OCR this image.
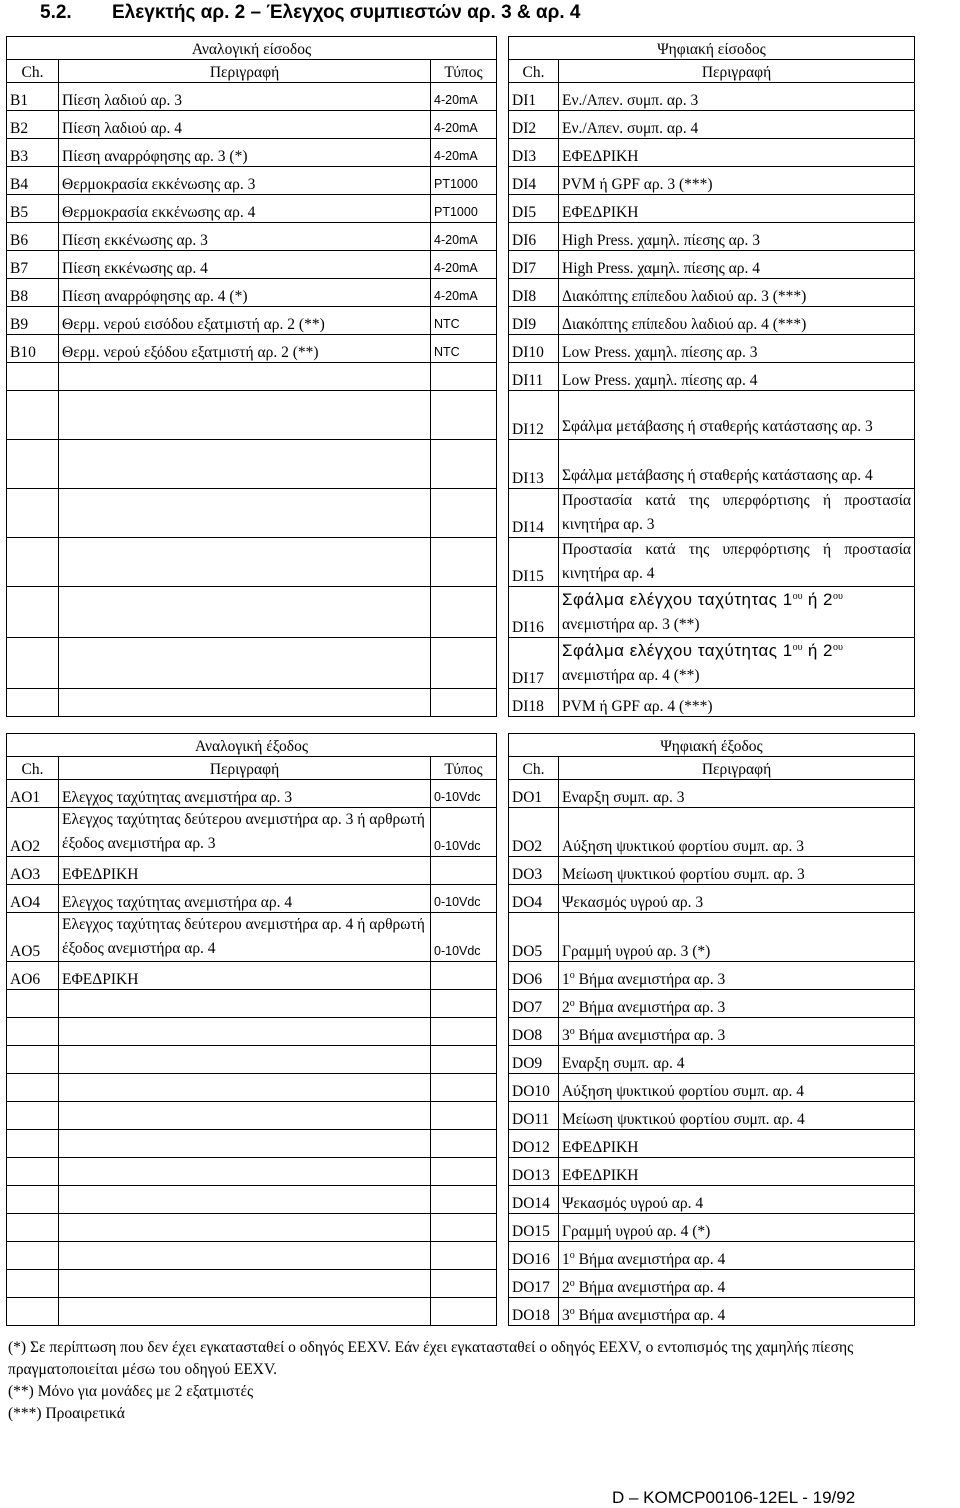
5.2. Ελεγκτής αρ. 2 – Έλεγχος συμπιεστών αρ. 3 & αρ. 4
Αναλογική είσοδος				Ψηφιακή είσοδος	
Ch.	Περιγραφή	Τύπος		Ch.	Περιγραφή
B1	Πίεση λαδιού αρ. 3	4-20mA		DI1	Εν./Απεν. συμπ. αρ. 3
B2	Πίεση λαδιού αρ. 4	4-20mA		DI2	Εν./Απεν. συμπ. αρ. 4
B3	Πίεση αναρρόφησης αρ. 3 (*)	4-20mA		DI3	ΕΦΕΔΡΙΚΗ
B4	Θερμοκρασία εκκένωσης αρ. 3	PT1000		DI4	PVM ή GPF αρ. 3 (***)
B5	Θερμοκρασία εκκένωσης αρ. 4	PT1000		DI5	ΕΦΕΔΡΙΚΗ
B6	Πίεση εκκένωσης αρ. 3	4-20mA		DI6	High Press. χαμηλ. πίεσης αρ. 3
B7	Πίεση εκκένωσης αρ. 4	4-20mA		DI7	High Press. χαμηλ. πίεσης αρ. 4
B8	Πίεση αναρρόφησης αρ. 4 (*)	4-20mA		DI8	Διακόπτης επίπεδου λαδιού αρ. 3 (***)
B9	Θερμ. νερού εισόδου εξατμιστή αρ. 2 (**)	NTC		DI9	Διακόπτης επίπεδου λαδιού αρ. 4 (***)
B10	Θερμ. νερού εξόδου εξατμιστή αρ. 2 (**)	NTC		DI10	Low Press. χαμηλ. πίεσης αρ. 3
				DI11	Low Press. χαμηλ. πίεσης αρ. 4
				DI12	Σφάλμα μετάβασης ή σταθερής κατάστασης αρ. 3
				DI13	Σφάλμα μετάβασης ή σταθερής κατάστασης αρ. 4
				DI14	Προστασία κατά της υπερφόρτισης ή προστασία κινητήρα αρ. 3
				DI15	Προστασία κατά της υπερφόρτισης ή προστασία κινητήρα αρ. 4
				DI16	Σφάλμα ελέγχου ταχύτητας $1^{o\upsilon}$ ή $2^{o\upsilon}$
ανεμιστήρα αρ. 3 (**)
				DI17	Σφάλμα ελέγχου ταχύτητας $1^{o\upsilon}$ ή $2^{o\upsilon}$
ανεμιστήρα αρ. 4 (**)
				DI18	PVM ή GPF αρ. 4 (***)
Αναλογική έξοδος				Ψηφιακή έξοδος	
Ch.	Περιγραφή	Τύπος		Ch.	Περιγραφή
AO1	Ελεγχος ταχύτητας ανεμιστήρα αρ. 3	0-10Vdc		DO1	Εναρξη συμπ. αρ. 3
AO2	Ελεγχος ταχύτητας δεύτερου ανεμιστήρα αρ. 3 ή αρθρωτή έξοδος ανεμιστήρα αρ. 3	0-10Vdc		DO2	Αύξηση ψυκτικού φορτίου συμπ. αρ. 3
AO3	ΕΦΕΔΡΙΚΗ			DO3	Μείωση ψυκτικού φορτίου συμπ. αρ. 3
AO4	Ελεγχος ταχύτητας ανεμιστήρα αρ. 4	0-10Vdc		DO4	Ψεκασμός υγρού αρ. 3
AO5	Ελεγχος ταχύτητας δεύτερου ανεμιστήρα αρ. 4 ή αρθρωτή έξοδος ανεμιστήρα αρ. 4	0-10Vdc		DO5	Γραμμή υγρού αρ. 3 (*)
AO6	ΕΦΕΔΡΙΚΗ			DO6	$1^o$ Βήμα ανεμιστήρα αρ. 3
				DO7	$2^o$ Βήμα ανεμιστήρα αρ. 3
				DO8	$3^o$ Βήμα ανεμιστήρα αρ. 3
				DO9	Εναρξη συμπ. αρ. 4
				DO10	Αύξηση ψυκτικού φορτίου συμπ. αρ. 4
				DO11	Μείωση ψυκτικού φορτίου συμπ. αρ. 4
				DO12	ΕΦΕΔΡΙΚΗ
				DO13	ΕΦΕΔΡΙΚΗ
				DO14	Ψεκασμός υγρού αρ. 4
				DO15	Γραμμή υγρού αρ. 4 (*)
				DO16	$1^o$ Βήμα ανεμιστήρα αρ. 4
				DO17	$2^o$ Βήμα ανεμιστήρα αρ. 4
				DO18	$3^o$ Βήμα ανεμιστήρα αρ. 4

(*) Σε περίπτωση που δεν έχει εγκατασταθεί ο οδηγός EEXV. Εάν έχει εγκατασταθεί ο οδηγός EEXV, ο εντοπισμός της χαμηλής πίεσης πραγματοποιείται μέσω του οδηγού EEXV.

(**) Μόνο για μονάδες με 2 εξατμιστές

(***) Προαιρετικά

D – KOMCP00106-12EL - 19/92
